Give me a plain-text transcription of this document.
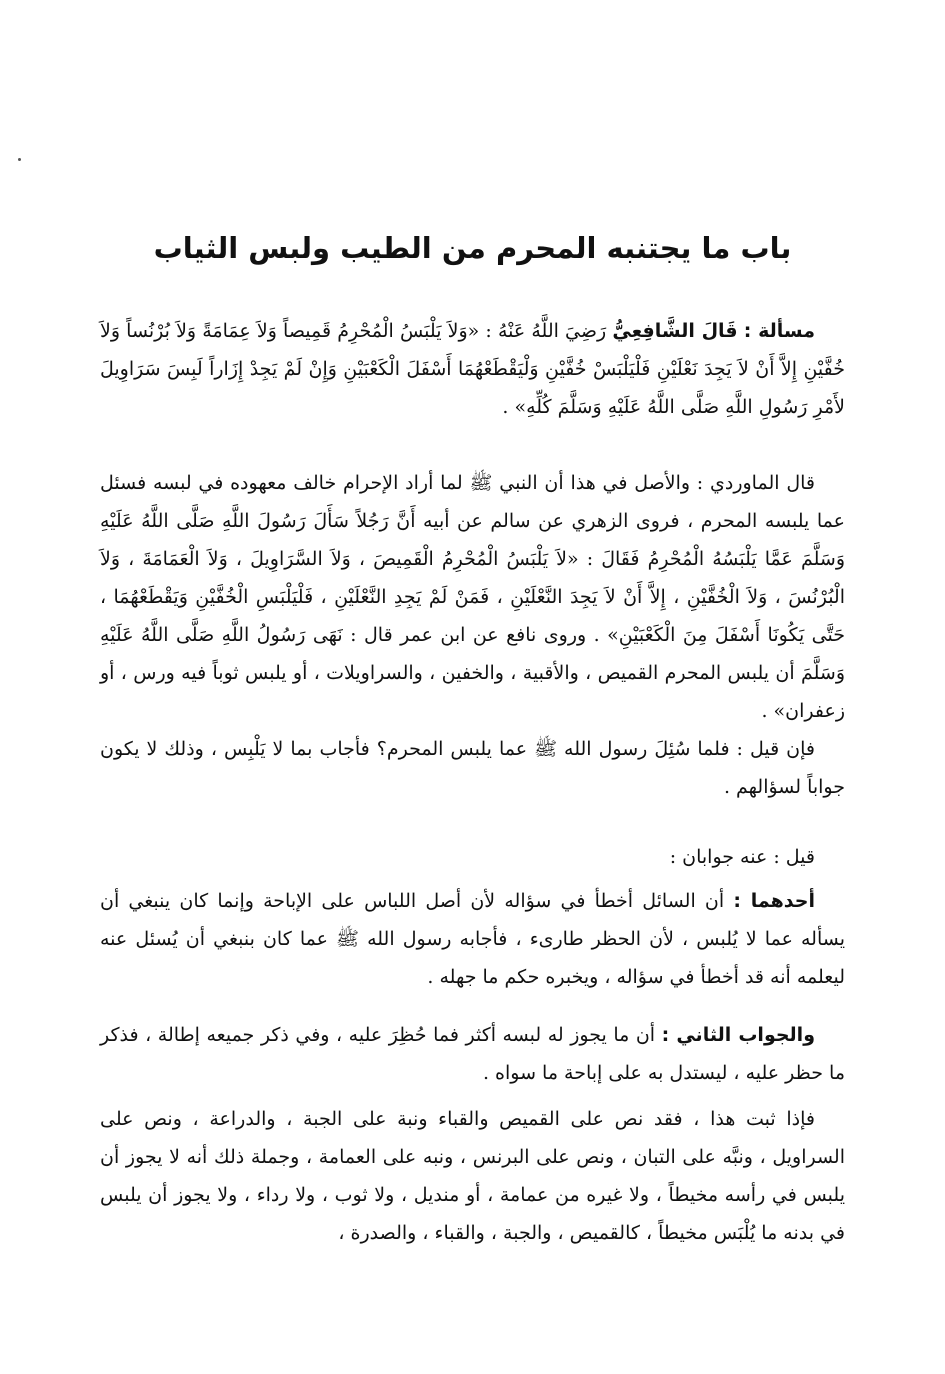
باب ما يجتنبه المحرم من الطيب ولبس الثياب

مسألة : قَالَ الشَّافِعِيُّ رَضِيَ اللَّهُ عَنْهُ : «وَلاَ يَلْبَسُ الْمُحْرِمُ قَمِيصاً وَلاَ عِمَامَةً وَلاَ بُرْنُساً وَلاَ خُفَّيْنِ إِلاَّ أَنْ لاَ يَجِدَ نَعْلَيْنِ فَلْيَلْبَسْ خُفَّيْنِ وَلْيَقْطَعْهُمَا أَسْفَلَ الْكَعْبَيْنِ وَإِنْ لَمْ يَجِدْ إِزَاراً لَبِسَ سَرَاوِيلَ لأَمْرِ رَسُولِ اللَّهِ صَلَّى اللَّهُ عَلَيْهِ وَسَلَّمَ كُلِّهِ» .

قال الماوردي : والأصل في هذا أن النبي ﷺ لما أراد الإحرام خالف معهوده في لبسه فسئل عما يلبسه المحرم ، فروى الزهري عن سالم عن أبيه أَنَّ رَجُلاً سَأَلَ رَسُولَ اللَّهِ صَلَّى اللَّهُ عَلَيْهِ وَسَلَّمَ عَمَّا يَلْبَسُهُ الْمُحْرِمُ فَقَالَ : «لاَ يَلْبَسُ الْمُحْرِمُ الْقَمِيصَ ، وَلاَ السَّرَاوِيلَ ، وَلاَ الْعَمَامَةَ ، وَلاَ الْبُرْنُسَ ، وَلاَ الْخُفَّيْنِ ، إِلاَّ أَنْ لاَ يَجِدَ النَّعْلَيْنِ ، فَمَنْ لَمْ يَجِدِ النَّعْلَيْنِ ، فَلْيَلْبَسِ الْخُفَّيْنِ وَيَقْطَعْهُمَا ، حَتَّى يَكُونَا أَسْفَلَ مِنَ الْكَعْبَيْنِ» . وروى نافع عن ابن عمر قال : نَهَى رَسُولُ اللَّهِ صَلَّى اللَّهُ عَلَيْهِ وَسَلَّمَ أن يلبس المحرم القميص ، والأقبية ، والخفين ، والسراويلات ، أو يلبس ثوباً فيه ورس ، أو زعفران» .

فإن قيل : فلما سُئِلَ رسول الله ﷺ عما يلبس المحرم؟ فأجاب بما لا يَلْبِس ، وذلك لا يكون جواباً لسؤالهم .

قيل : عنه جوابان :

أحدهما : أن السائل أخطأ في سؤاله لأن أصل اللباس على الإباحة وإنما كان ينبغي أن يسأله عما لا يُلبس ، لأن الحظر طارىء ، فأجابه رسول الله ﷺ عما كان بنبغي أن يُسئل عنه ليعلمه أنه قد أخطأ في سؤاله ، ويخبره حكم ما جهله .

والجواب الثاني : أن ما يجوز له لبسه أكثر فما حُظِرَ عليه ، وفي ذكر جميعه إطالة ، فذكر ما حظر عليه ، ليستدل به على إباحة ما سواه .

فإذا ثبت هذا ، فقد نص على القميص والقباء ونبة على الجبة ، والدراعة ، ونص على السراويل ، ونبَّه على التبان ، ونص على البرنس ، ونبه على العمامة ، وجملة ذلك أنه لا يجوز أن يلبس في رأسه مخيطاً ، ولا غيره من عمامة ، أو منديل ، ولا ثوب ، ولا رداء ، ولا يجوز أن يلبس في بدنه ما يُلْبَس مخيطاً ، كالقميص ، والجبة ، والقباء ، والصدرة ،
